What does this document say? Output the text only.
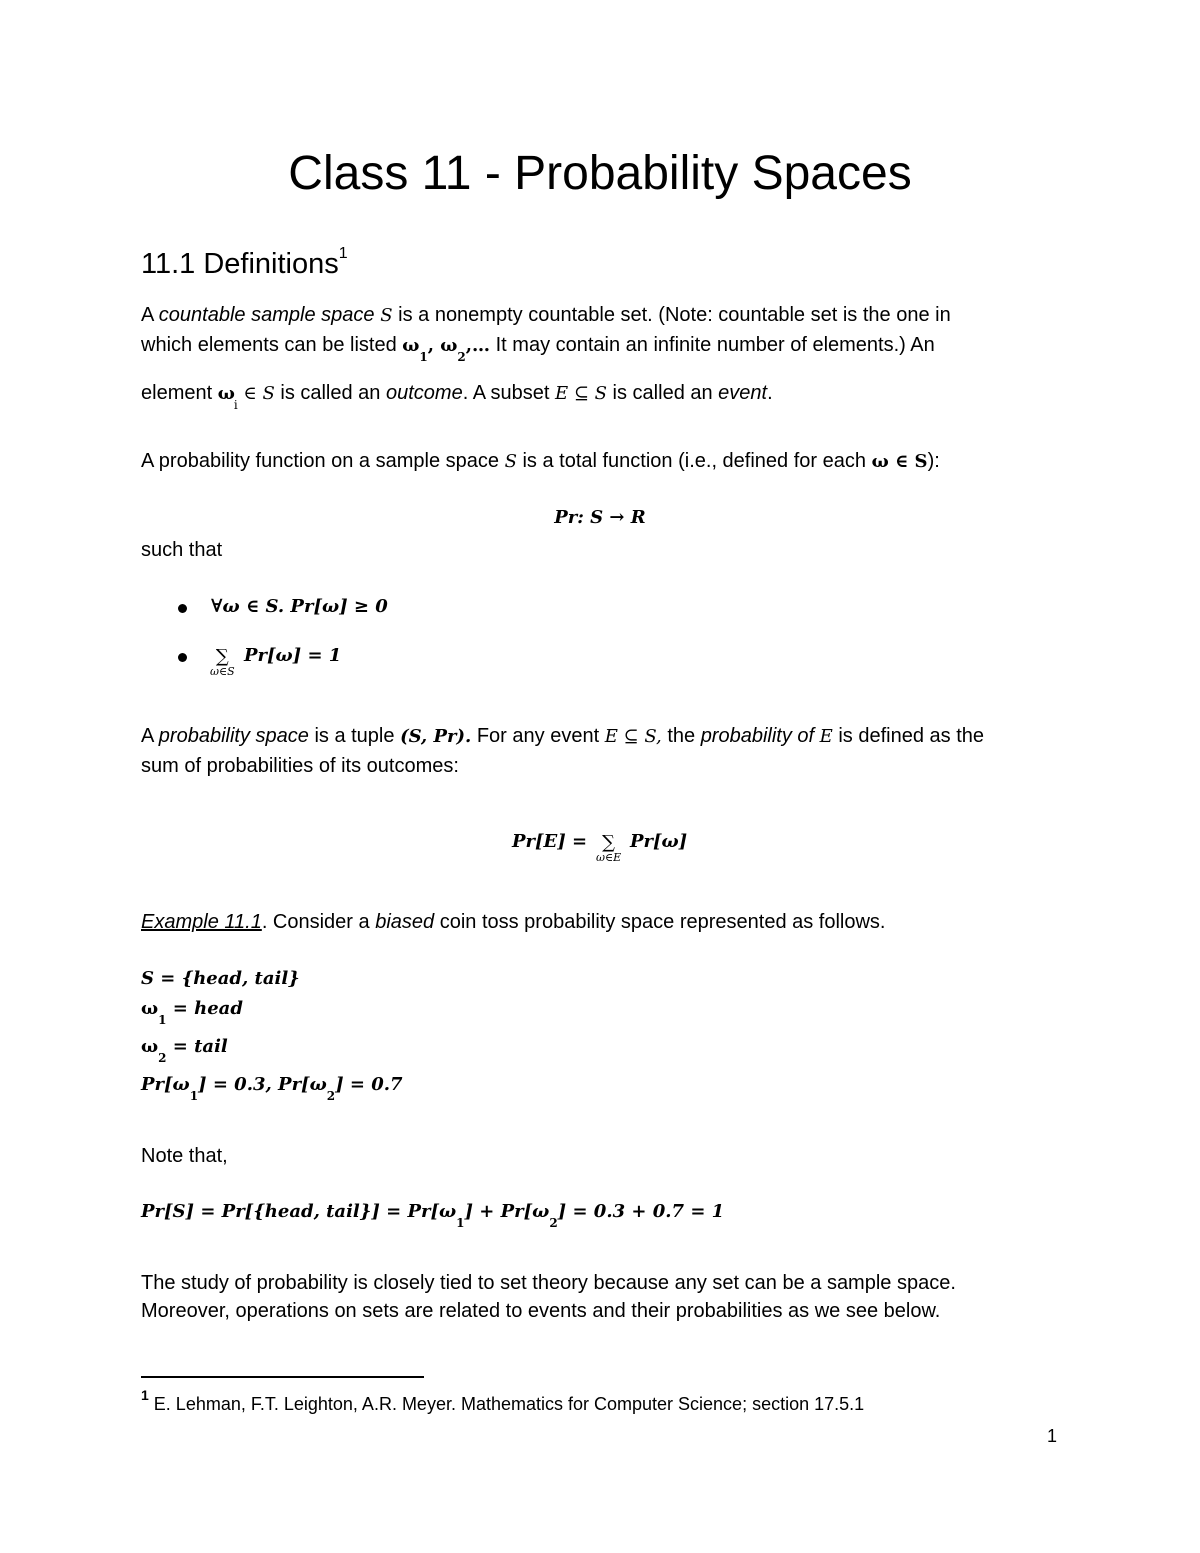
Class 11 - Probability Spaces
11.1 Definitions$^1$
A countable sample space S is a nonempty countable set. (Note: countable set is the one in
which elements can be listed $\omega_1$, $\omega_2,\dots$ It may contain an infinite number of elements.) An
element $\omega_i$ ∈ S is called an outcome. A subset E ⊆ S is called an event.
A probability function on a sample space S is a total function (i.e., defined for each ω ∈ S):
Pr: S → R
such that
∀ω ∈ S. Pr[ω] ≥ 0
∑
ω∈S
Pr[ω] = 1
A probability space is a tuple (S, Pr). For any event E ⊆ S, the probability of E is defined as the
sum of probabilities of its outcomes:
Pr[E] = ∑
ω∈E
Pr[ω]
Example 11.1. Consider a biased coin toss probability space represented as follows.
S = {head, tail}
$\omega_1$ = head
$\omega_2$ = tail
$Pr[\omega_1] = 0.3$, $Pr[\omega_2] = 0.7$
Note that,
Pr[S] = Pr[{head, tail}] = $Pr[\omega_1] + Pr[\omega_2] = 0.3 + 0.7 = 1$
The study of probability is closely tied to set theory because any set can be a sample space.
Moreover, operations on sets are related to events and their probabilities as we see below.
$^1$ E. Lehman, F.T. Leighton, A.R. Meyer. Mathematics for Computer Science; section 17.5.1
1
